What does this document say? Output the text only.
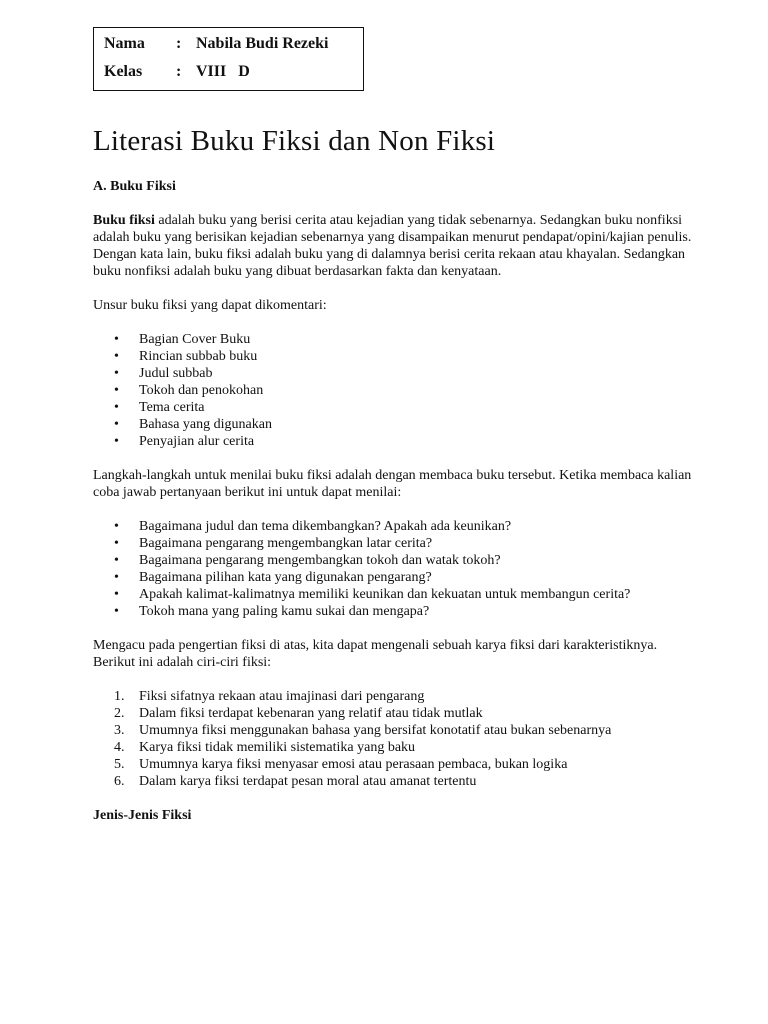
Nama	: Nabila Budi Rezeki
Kelas	: VIII   D
Literasi Buku Fiksi dan Non Fiksi

A. Buku Fiksi

Buku fiksi adalah buku yang berisi cerita atau kejadian yang tidak sebenarnya. Sedangkan buku nonfiksi adalah buku yang berisikan kejadian sebenarnya yang disampaikan menurut pendapat/opini/kajian penulis.

Dengan kata lain, buku fiksi adalah buku yang di dalamnya berisi cerita rekaan atau khayalan. Sedangkan buku nonfiksi adalah buku yang dibuat berdasarkan fakta dan kenyataan.

Unsur buku fiksi yang dapat dikomentari:

• Bagian Cover Buku
• Rincian subbab buku
• Judul subbab
• Tokoh dan penokohan
• Tema cerita
• Bahasa yang digunakan
• Penyajian alur cerita

Langkah-langkah untuk menilai buku fiksi adalah dengan membaca buku tersebut. Ketika membaca kalian coba jawab pertanyaan berikut ini untuk dapat menilai:

• Bagaimana judul dan tema dikembangkan? Apakah ada keunikan?
• Bagaimana pengarang mengembangkan latar cerita?
• Bagaimana pengarang mengembangkan tokoh dan watak tokoh?
• Bagaimana pilihan kata yang digunakan pengarang?
• Apakah kalimat-kalimatnya memiliki keunikan dan kekuatan untuk membangun cerita?
• Tokoh mana yang paling kamu sukai dan mengapa?

Mengacu pada pengertian fiksi di atas, kita dapat mengenali sebuah karya fiksi dari karakteristiknya. Berikut ini adalah ciri-ciri fiksi:

1. Fiksi sifatnya rekaan atau imajinasi dari pengarang
2. Dalam fiksi terdapat kebenaran yang relatif atau tidak mutlak
3. Umumnya fiksi menggunakan bahasa yang bersifat konotatif atau bukan sebenarnya
4. Karya fiksi tidak memiliki sistematika yang baku
5. Umumnya karya fiksi menyasar emosi atau perasaan pembaca, bukan logika
6. Dalam karya fiksi terdapat pesan moral atau amanat tertentu

Jenis-Jenis Fiksi
